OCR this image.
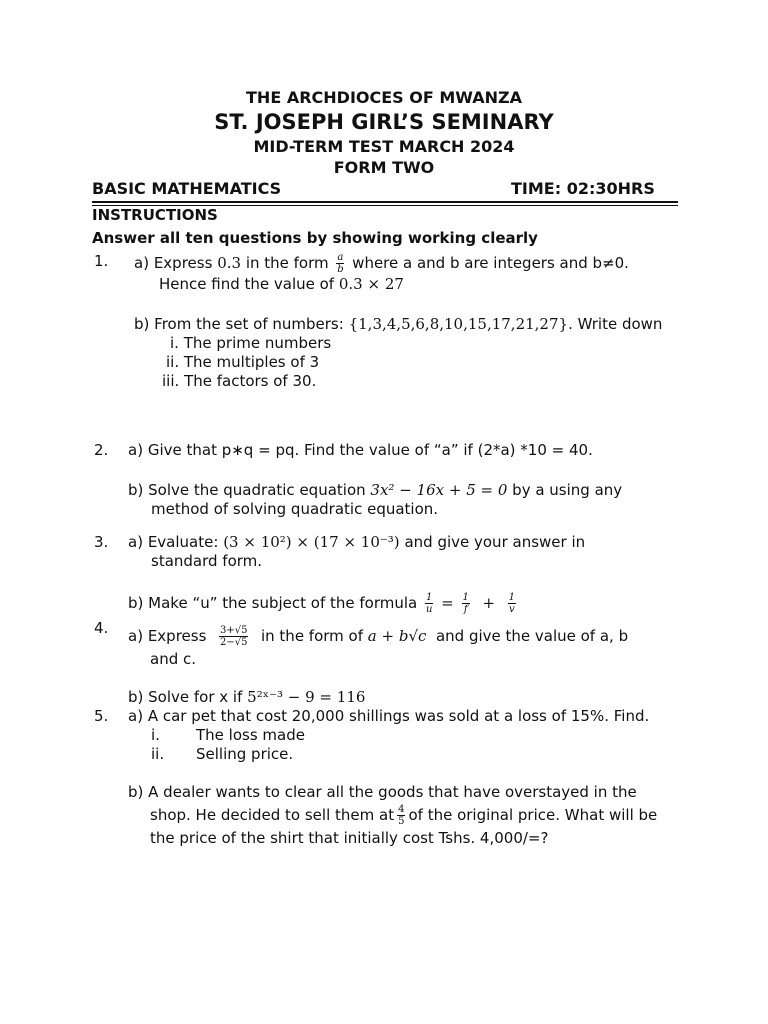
THE ARCHDIOCES OF MWANZA
ST. JOSEPH GIRL’S SEMINARY
MID-TERM TEST MARCH 2024
FORM TWO
BASIC MATHEMATICS	TIME: 02:30HRS
INSTRUCTIONS
Answer all ten questions by showing working clearly
1. a) Express 0.3 in the form $\frac{a}{b}$ where a and b are integers and b≠0.
Hence find the value of 0.3 × 27
b) From the set of numbers: {1,3,4,5,6,8,10,15,17,21,27}. Write down
i. The prime numbers
ii. The multiples of 3
iii. The factors of 30.
2. a) Give that p∗q = pq. Find the value of “a” if (2*a) *10 = 40.
b) Solve the quadratic equation 3x² − 16x + 5 = 0 by a using any
method of solving quadratic equation.
3. a) Evaluate: (3 × 10²) × (17 × 10⁻³) and give your answer in
standard form.
b) Make “u” the subject of the formula $\frac{1}{u} = \frac{1}{f} + \frac{1}{v}$
4. a) Express $\frac{3+√5}{2-√5}$ in the form of a + b√c and give the value of a, b
and c.
b) Solve for x if 5²ˣ⁻³ − 9 = 116
5. a) A car pet that cost 20,000 shillings was sold at a loss of 15%. Find.
i. The loss made
ii. Selling price.
b) A dealer wants to clear all the goods that have overstayed in the
shop. He decided to sell them at $\frac{4}{5}$ of the original price. What will be
the price of the shirt that initially cost Tshs. 4,000/=?
